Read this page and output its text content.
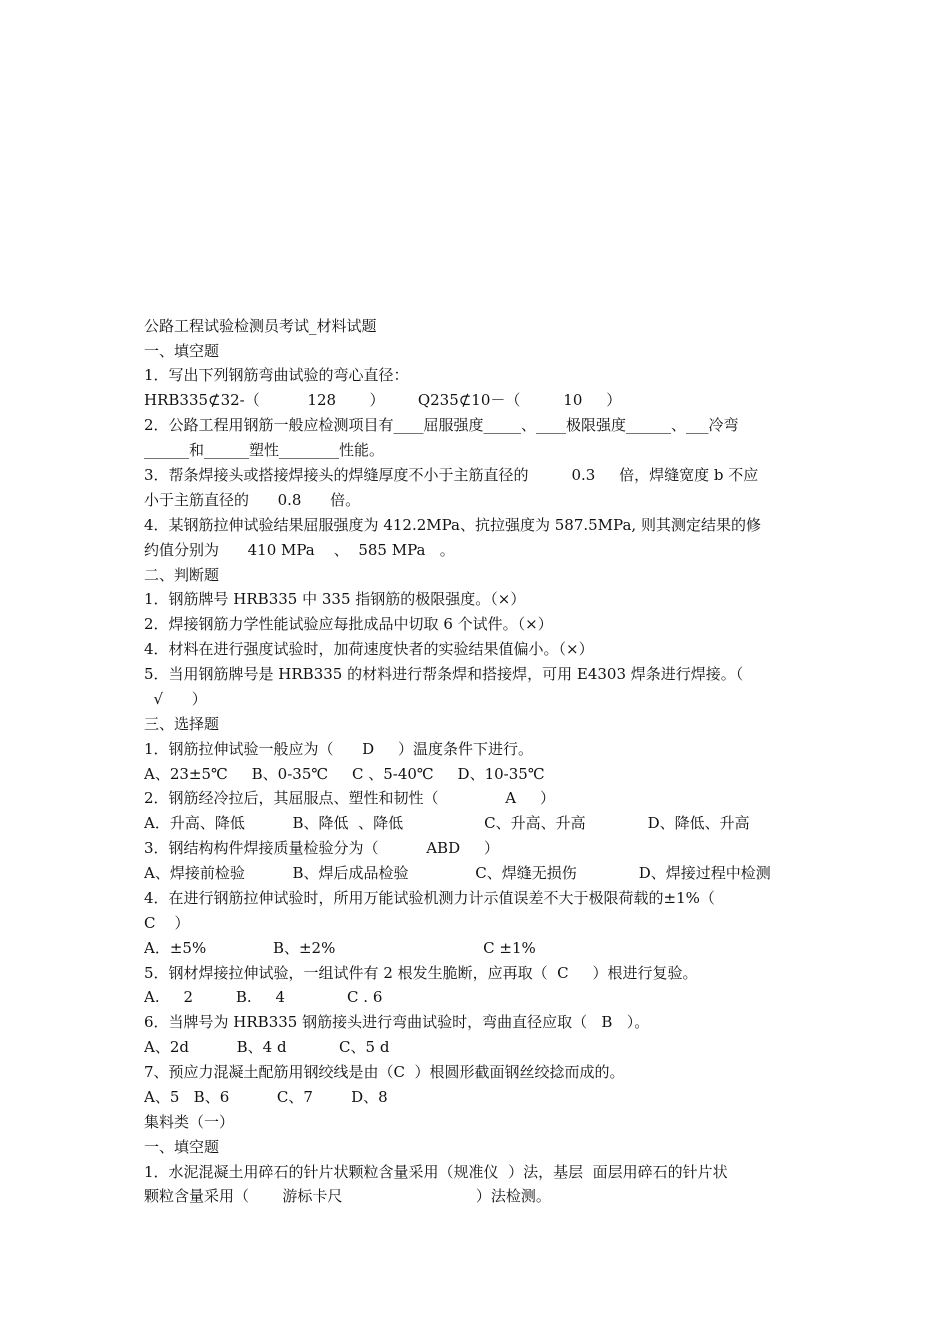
公路工程试验检测员考试_材料试题
一、填空题
1．写出下列钢筋弯曲试验的弯心直径：
HRB335⊄32-（          128       ）       Q235⊄10－（         10     ）
2．公路工程用钢筋一般应检测项目有____屈服强度_____、____极限强度______、___冷弯
______和______塑性________性能。
3．帮条焊接头或搭接焊接头的焊缝厚度不小于主筋直径的         0.3     倍，焊缝宽度 b 不应
小于主筋直径的      0.8      倍。
4．某钢筋拉伸试验结果屈服强度为 412.2MPa、抗拉强度为 587.5MPa, 则其测定结果的修
约值分别为      410 MPa    、  585 MPa   。
二、判断题
1．钢筋牌号 HRB335 中 335 指钢筋的极限强度。（×）
2．焊接钢筋力学性能试验应每批成品中切取 6 个试件。（×）
4．材料在进行强度试验时，加荷速度快者的实验结果值偏小。（×）
5．当用钢筋牌号是 HRB335 的材料进行帮条焊和搭接焊，可用 E4303 焊条进行焊接。（
√      ）
三、选择题
1．钢筋拉伸试验一般应为（      D     ）温度条件下进行。
A、23±5℃     B、0-35℃     C 、5-40℃     D、10-35℃
2．钢筋经冷拉后，其屈服点、塑性和韧性（              A     ）
A．升高、降低          B、降低  、降低                 C、升高、升高             D、降低、升高
3．钢结构构件焊接质量检验分为（          ABD     ）
A、焊接前检验          B、焊后成品检验              C、焊缝无损伤             D、焊接过程中检测
4．在进行钢筋拉伸试验时，所用万能试验机测力计示值误差不大于极限荷载的±1%（
C    ）
A．±5%              B、±2%                               C ±1%
5．钢材焊接拉伸试验，一组试件有 2 根发生脆断，应再取（  C     ）根进行复验。
A.     2         B.     4             C . 6
6．当牌号为 HRB335 钢筋接头进行弯曲试验时，弯曲直径应取（   B   ）。
A、2d          B、4 d           C、5 d
7、预应力混凝土配筋用钢绞线是由（C  ）根圆形截面钢丝绞捻而成的。
A、5   B、6          C、7        D、8
集料类（一）
一、填空题
1．水泥混凝土用碎石的针片状颗粒含量采用（规准仪  ）法，基层  面层用碎石的针片状
颗粒含量采用（       游标卡尺                            ）法检测。
